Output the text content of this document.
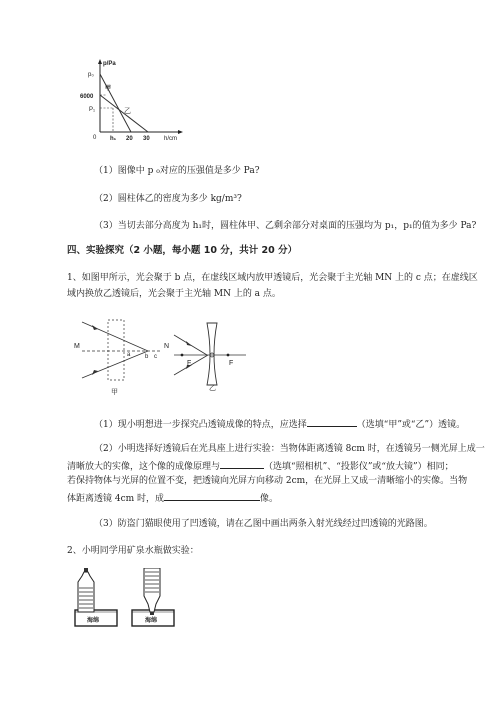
p/Pa
p₀
6000
P₁
0 h₁ 20 30 h/cm
甲
乙
（1）图像中 p ₀对应的压强值是多少 Pa?
（2）圆柱体乙的密度为多少 kg/m³?
（3）当切去部分高度为 h₁时，圆柱体甲、乙剩余部分对桌面的压强均为 p₁，p₁的值为多少 Pa?
四、实验探究（2 小题，每小题 10 分，共计 20 分）
1、如图甲所示，光会聚于 b 点，在虚线区域内放甲透镜后，光会聚于主光轴 MN 上的 c 点；在虚线区
域内换放乙透镜后，光会聚于主光轴 MN 上的 a 点。
M	N
a b c
甲
F	F
乙
（1）现小明想进一步探究凸透镜成像的特点，应选择	（选填“甲”或“乙”）透镜。
（2）小明选择好透镜后在光具座上进行实验：当物体距离透镜 8cm 时，在透镜另一侧光屏上成一
清晰放大的实像，这个像的成像原理与	（选填“照相机”、“投影仪”或“放大镜”）相同；
若保持物体与光屏的位置不变，把透镜向光屏方向移动 2cm，在光屏上又成一清晰缩小的实像。当物
体距离透镜 4cm 时，成	像。
（3）防盗门猫眼使用了凹透镜，请在乙图中画出两条入射光线经过凹透镜的光路图。
2、小明同学用矿泉水瓶做实验：
海绵	海绵
